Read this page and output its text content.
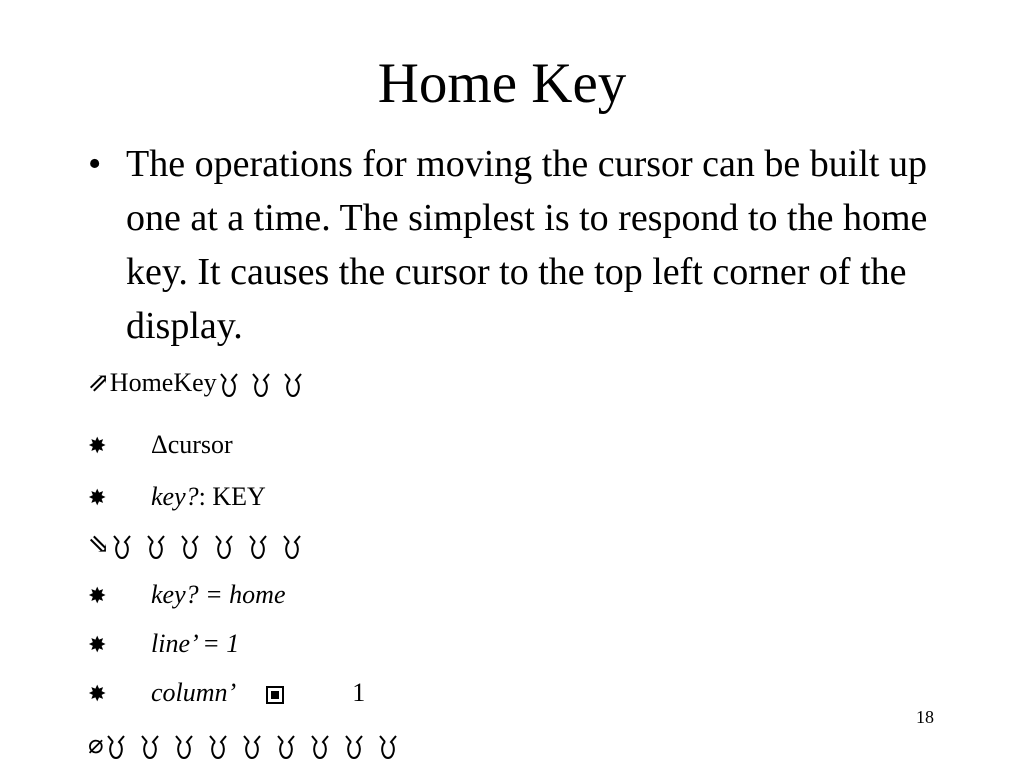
Home Key
• The operations for moving the cursor can be built up one at a time. The simplest is to respond to the home key. It causes the cursor to the top left corner of the display.
⇗HomeKey
✸ Δcursor
✸ key?: KEY
⇘
✸ key? = home
✸ line’ = 1
✸ column’	1
⌀
18
